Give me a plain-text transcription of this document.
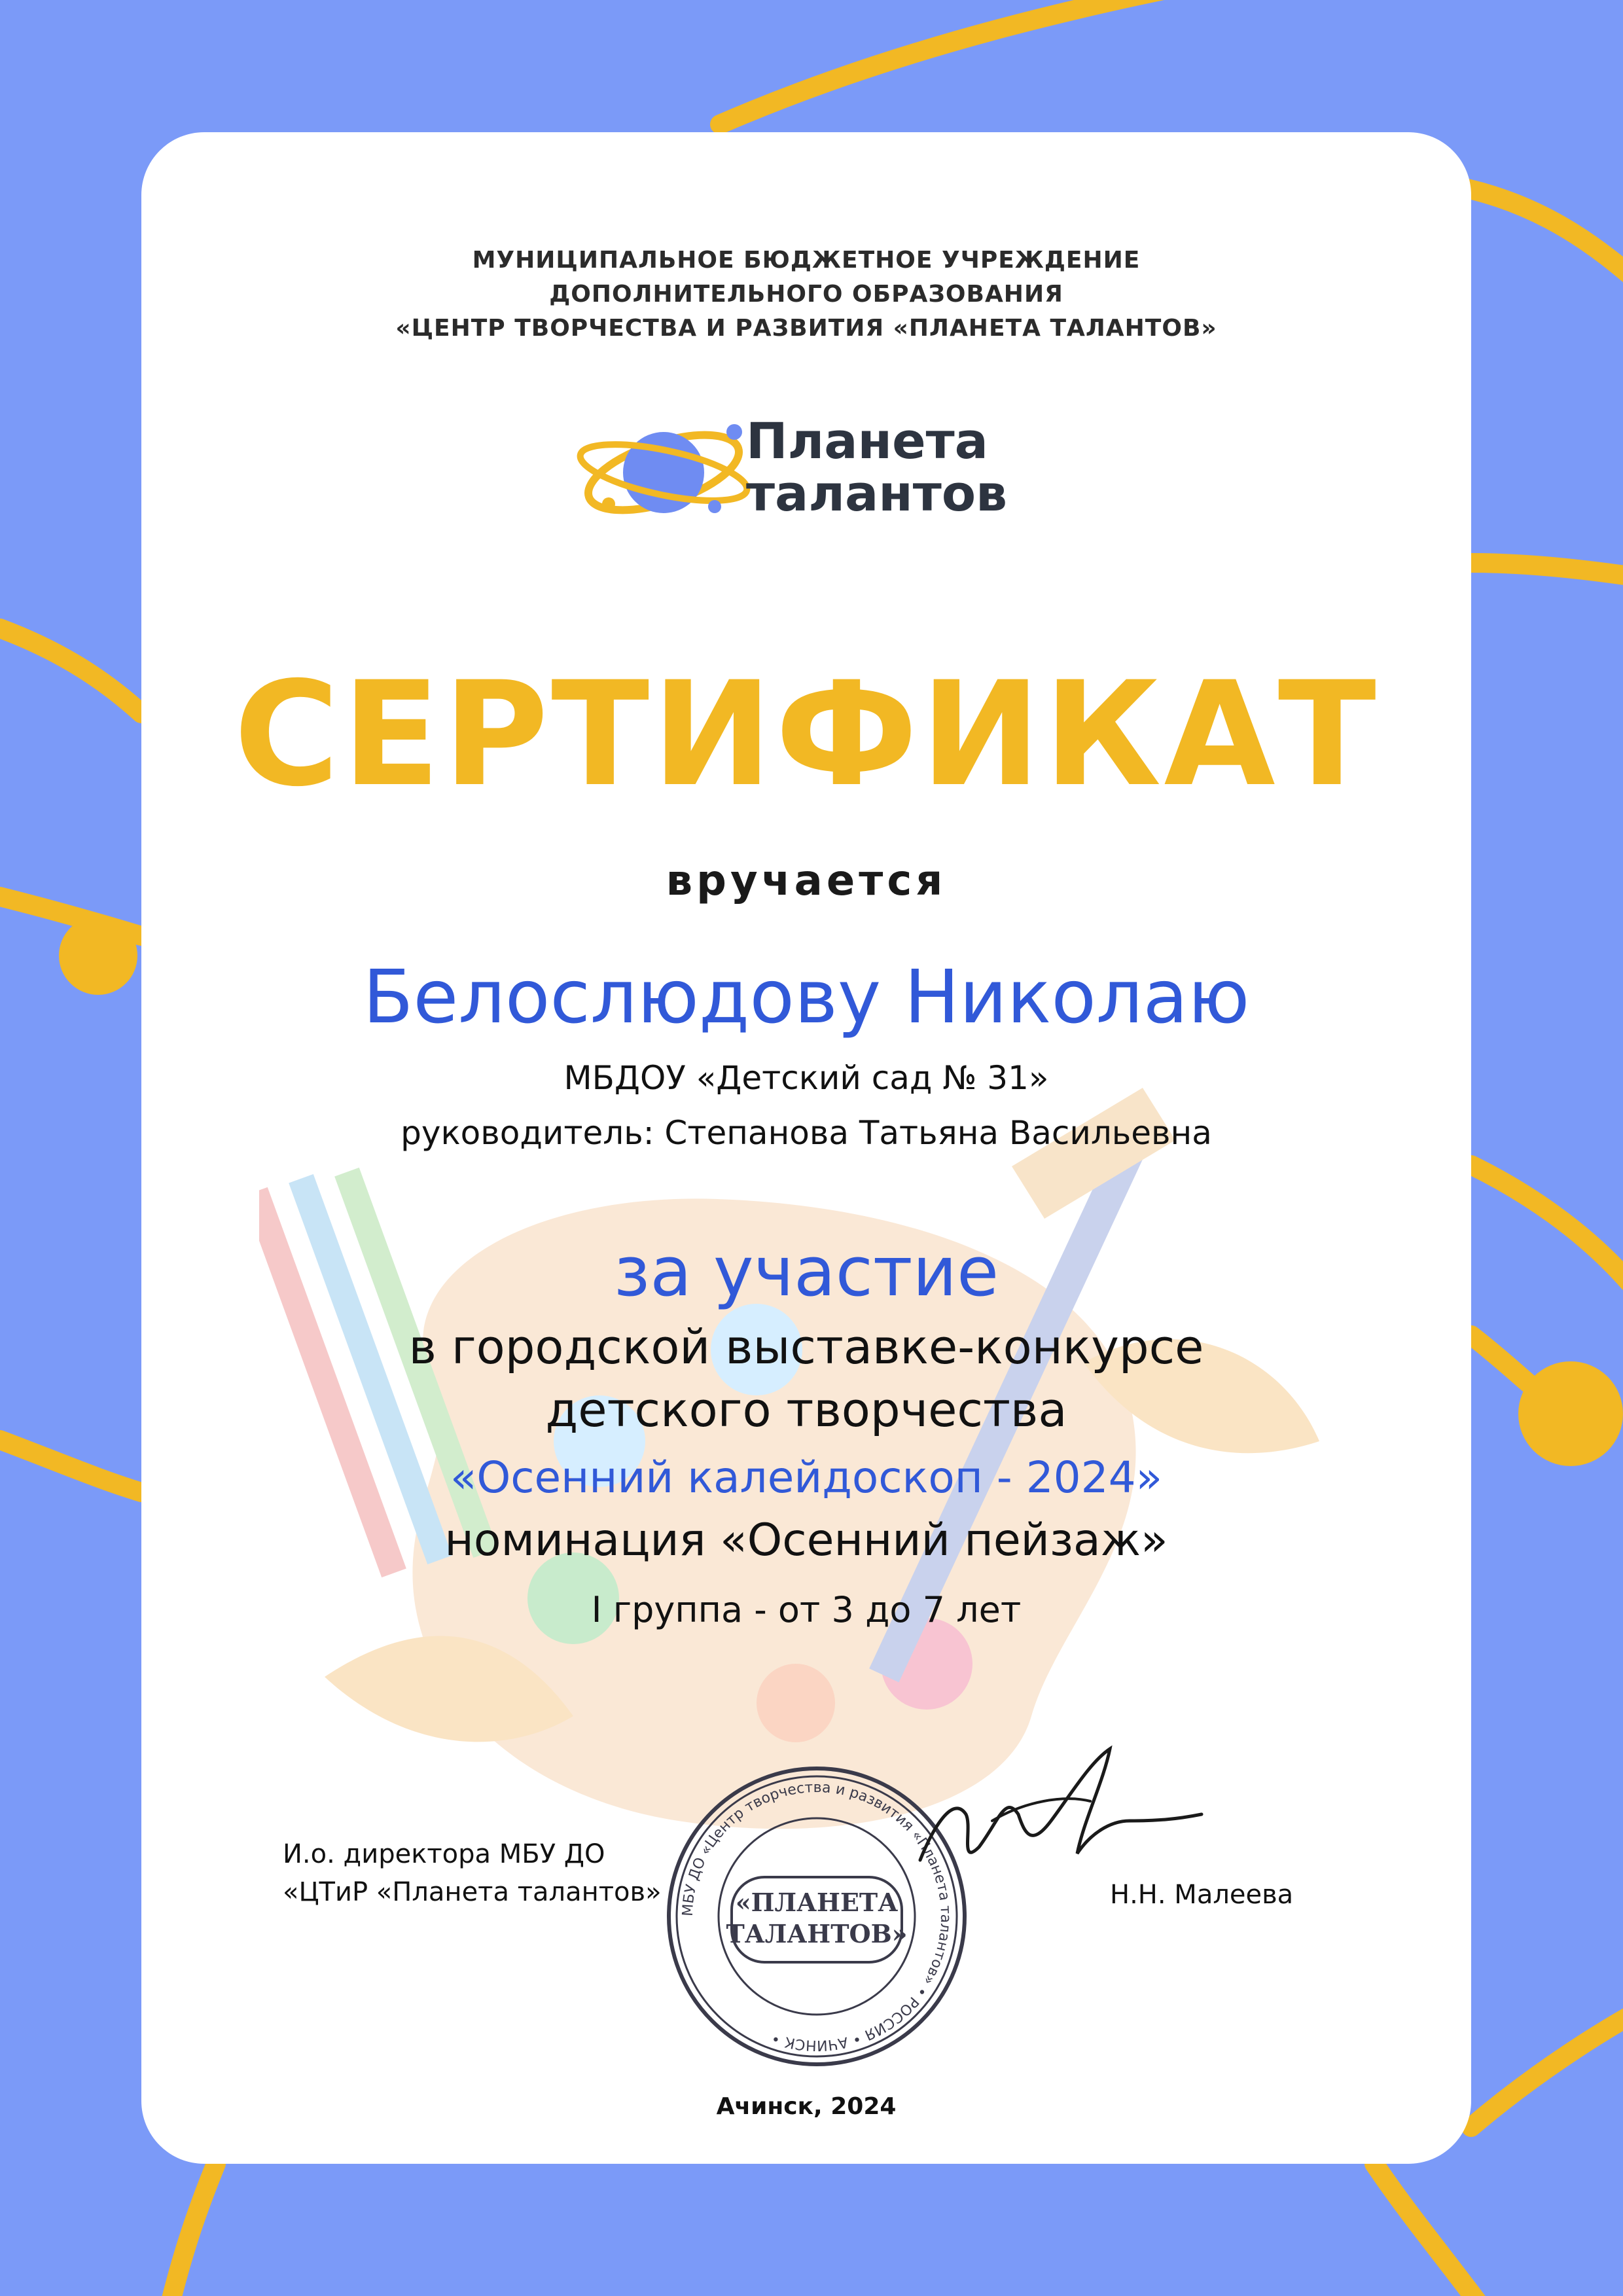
МУНИЦИПАЛЬНОЕ БЮДЖЕТНОЕ УЧРЕЖДЕНИЕ
ДОПОЛНИТЕЛЬНОГО ОБРАЗОВАНИЯ
«ЦЕНТР ТВОРЧЕСТВА И РАЗВИТИЯ «ПЛАНЕТА ТАЛАНТОВ»
Планета
талантов
СЕРТИФИКАТ
вручается
Белослюдову Николаю
МБДОУ «Детский сад № 31»
руководитель: Степанова Татьяна Васильевна
за участие
в городской выставке-конкурсе
детского творчества
«Осенний калейдоскоп - 2024»
номинация «Осенний пейзаж»
I группа - от 3 до 7 лет
И.о. директора МБУ ДО
«ЦТиР «Планета талантов»
МБУ ДО «Центр творчества и развития «Планета талантов» • РОССИЯ • АЧИНСК •
«ПЛАНЕТА
ТАЛАНТОВ»
Н.Н. Малеева
Ачинск, 2024
